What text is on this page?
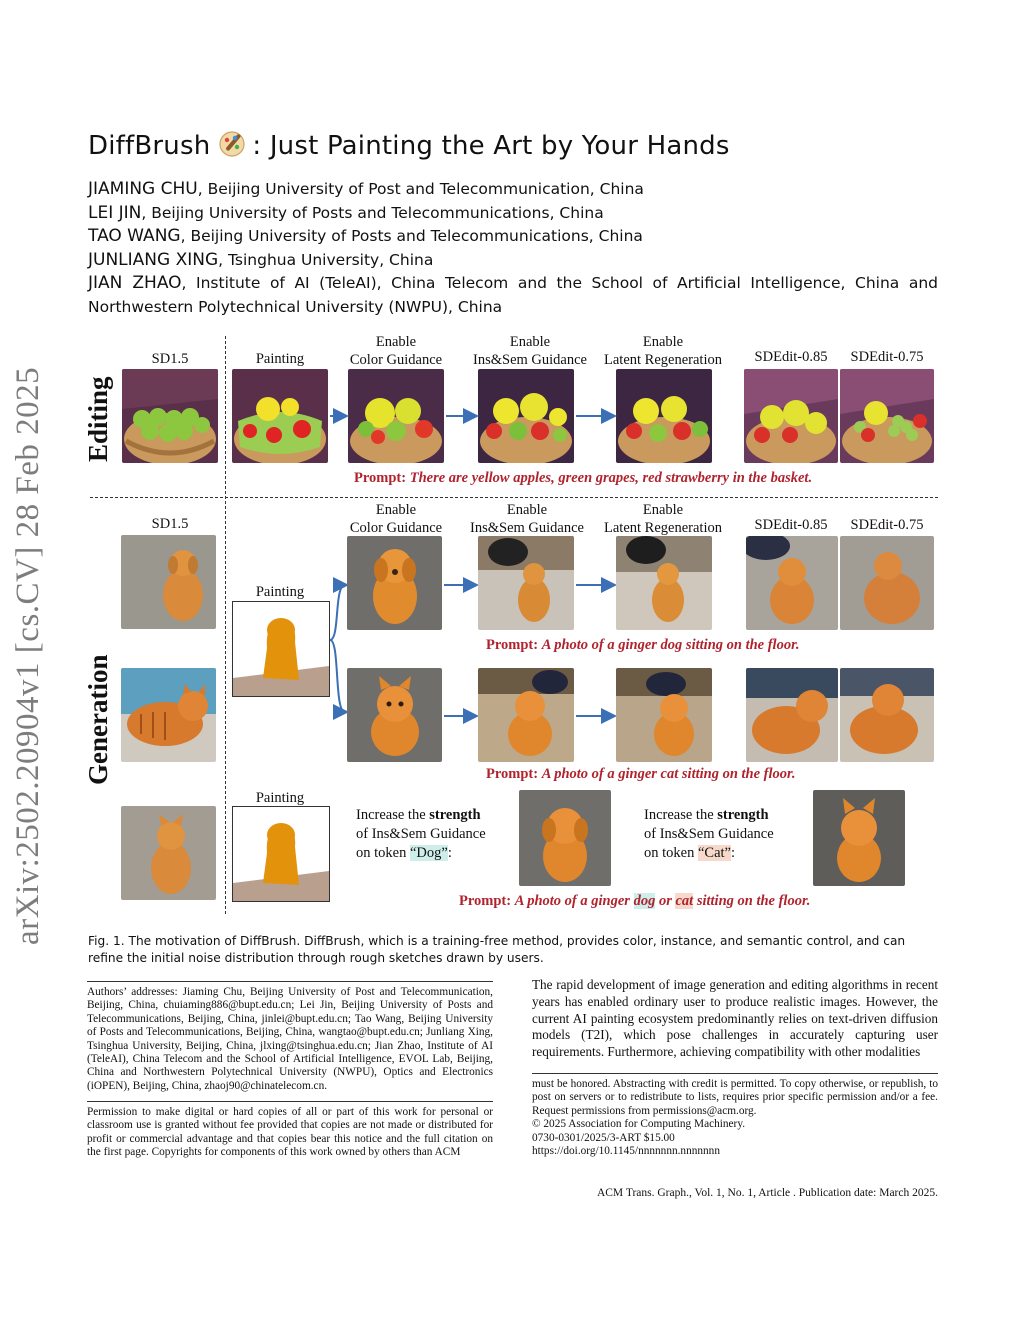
arXiv:2502.20904v1 [cs.CV] 28 Feb 2025
DiffBrush : Just Painting the Art by Your Hands
JIAMING CHU, Beijing University of Post and Telecommunication, China
LEI JIN, Beijing University of Posts and Telecommunications, China
TAO WANG, Beijing University of Posts and Telecommunications, China
JUNLIANG XING, Tsinghua University, China
JIAN ZHAO, Institute of AI (TeleAI), China Telecom and the School of Artificial Intelligence, China and Northwestern Polytechnical University (NWPU), China
Editing
Generation
SD1.5	Painting
Enable
Color Guidance
Enable
Ins&Sem Guidance
Enable
Latent Regeneration	SDEdit-0.85	SDEdit-0.75
Prompt: There are yellow apples, green grapes, red strawberry in the basket.
SD1.5
Enable
Color Guidance
Enable
Ins&Sem Guidance
Enable
Latent Regeneration	SDEdit-0.85	SDEdit-0.75
Painting
Prompt: A photo of a ginger dog sitting on the floor.
Prompt: A photo of a ginger cat sitting on the floor.
Painting
Increase the strength
of Ins&Sem Guidance
on token “Dog”:
Increase the strength
of Ins&Sem Guidance
on token “Cat”:
Prompt: A photo of a ginger dog or cat sitting on the floor.
Fig. 1. The motivation of DiffBrush. DiffBrush, which is a training-free method, provides color, instance, and semantic control, and can refine the initial noise distribution through rough sketches drawn by users.
Authors’ addresses: Jiaming Chu, Beijing University of Post and Telecommunication, Beijing, China, chuiaming886@bupt.edu.cn; Lei Jin, Beijing University of Posts and Telecommunications, Beijing, China, jinlei@bupt.edu.cn; Tao Wang, Beijing University of Posts and Telecommunications, Beijing, China, wangtao@bupt.edu.cn; Junliang Xing, Tsinghua University, Beijing, China, jlxing@tsinghua.edu.cn; Jian Zhao, Institute of AI (TeleAI), China Telecom and the School of Artificial Intelligence, EVOL Lab, Beijing, China and Northwestern Polytechnical University (NWPU), Optics and Electronics (iOPEN), Beijing, China, zhaoj90@chinatelecom.cn.
Permission to make digital or hard copies of all or part of this work for personal or classroom use is granted without fee provided that copies are not made or distributed for profit or commercial advantage and that copies bear this notice and the full citation on the first page. Copyrights for components of this work owned by others than ACM
The rapid development of image generation and editing algorithms in recent years has enabled ordinary user to produce realistic images. However, the current AI painting ecosystem predominantly relies on text-driven diffusion models (T2I), which pose challenges in accurately capturing user requirements. Furthermore, achieving compatibility with other modalities
must be honored. Abstracting with credit is permitted. To copy otherwise, or republish, to post on servers or to redistribute to lists, requires prior specific permission and/or a fee. Request permissions from permissions@acm.org.
© 2025 Association for Computing Machinery.
0730-0301/2025/3-ART $15.00
https://doi.org/10.1145/nnnnnnn.nnnnnnn
ACM Trans. Graph., Vol. 1, No. 1, Article . Publication date: March 2025.
